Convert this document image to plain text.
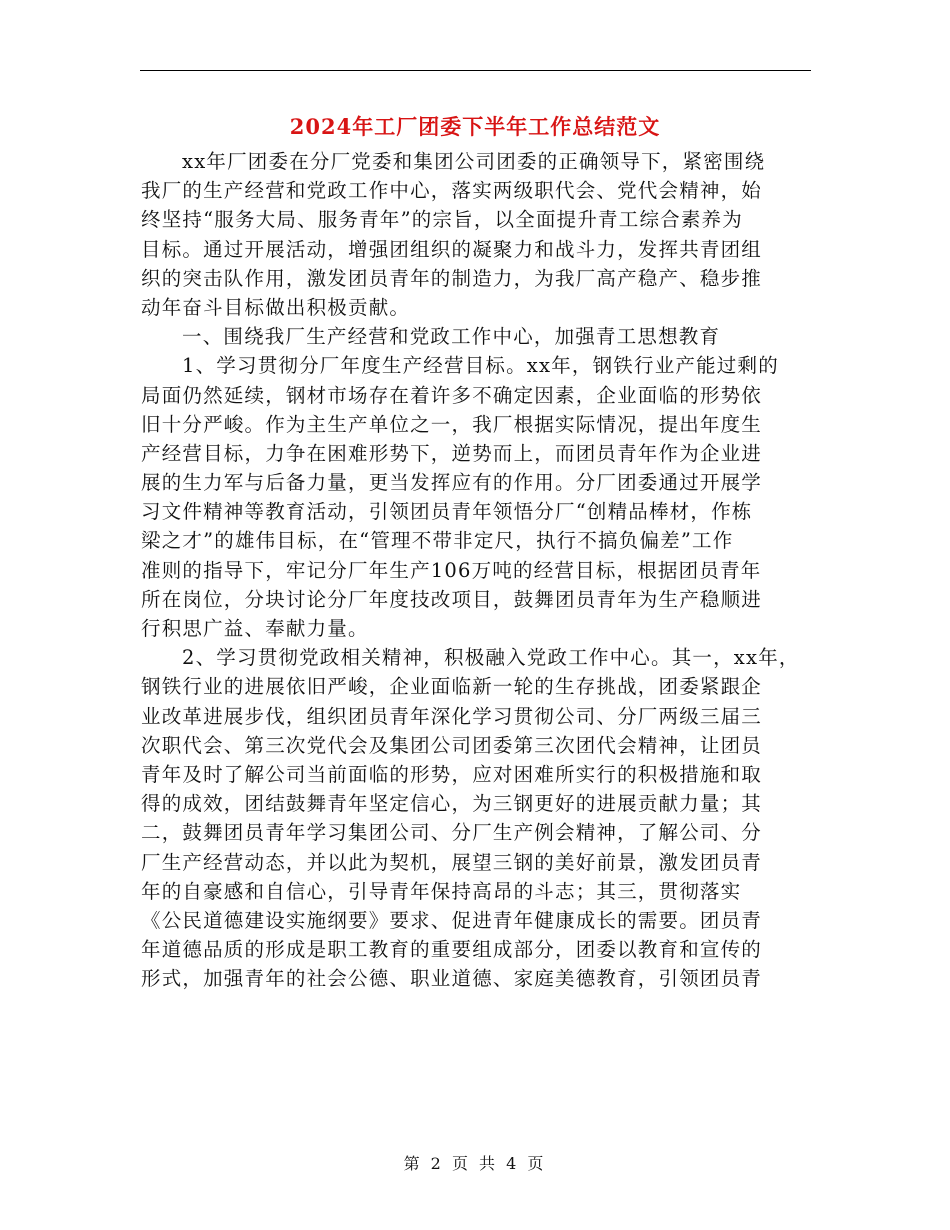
2024年工厂团委下半年工作总结范文
xx年厂团委在分厂党委和集团公司团委的正确领导下，紧密围绕
我厂的生产经营和党政工作中心，落实两级职代会、党代会精神，始
终坚持“服务大局、服务青年”的宗旨，以全面提升青工综合素养为
目标。通过开展活动，增强团组织的凝聚力和战斗力，发挥共青团组
织的突击队作用，激发团员青年的制造力，为我厂高产稳产、稳步推
动年奋斗目标做出积极贡献。
一、围绕我厂生产经营和党政工作中心，加强青工思想教育
1、学习贯彻分厂年度生产经营目标。xx年，钢铁行业产能过剩的
局面仍然延续，钢材市场存在着许多不确定因素，企业面临的形势依
旧十分严峻。作为主生产单位之一，我厂根据实际情况，提出年度生
产经营目标，力争在困难形势下，逆势而上，而团员青年作为企业进
展的生力军与后备力量，更当发挥应有的作用。分厂团委通过开展学
习文件精神等教育活动，引领团员青年领悟分厂“创精品棒材，作栋
梁之才”的雄伟目标，在“管理不带非定尺，执行不搞负偏差”工作
准则的指导下，牢记分厂年生产106万吨的经营目标，根据团员青年
所在岗位，分块讨论分厂年度技改项目，鼓舞团员青年为生产稳顺进
行积思广益、奉献力量。
2、学习贯彻党政相关精神，积极融入党政工作中心。其一，xx年，
钢铁行业的进展依旧严峻，企业面临新一轮的生存挑战，团委紧跟企
业改革进展步伐，组织团员青年深化学习贯彻公司、分厂两级三届三
次职代会、第三次党代会及集团公司团委第三次团代会精神，让团员
青年及时了解公司当前面临的形势，应对困难所实行的积极措施和取
得的成效，团结鼓舞青年坚定信心，为三钢更好的进展贡献力量；其
二，鼓舞团员青年学习集团公司、分厂生产例会精神，了解公司、分
厂生产经营动态，并以此为契机，展望三钢的美好前景，激发团员青
年的自豪感和自信心，引导青年保持高昂的斗志；其三，贯彻落实
《公民道德建设实施纲要》要求、促进青年健康成长的需要。团员青
年道德品质的形成是职工教育的重要组成部分，团委以教育和宣传的
形式，加强青年的社会公德、职业道德、家庭美德教育，引领团员青
第 2 页 共 4 页
